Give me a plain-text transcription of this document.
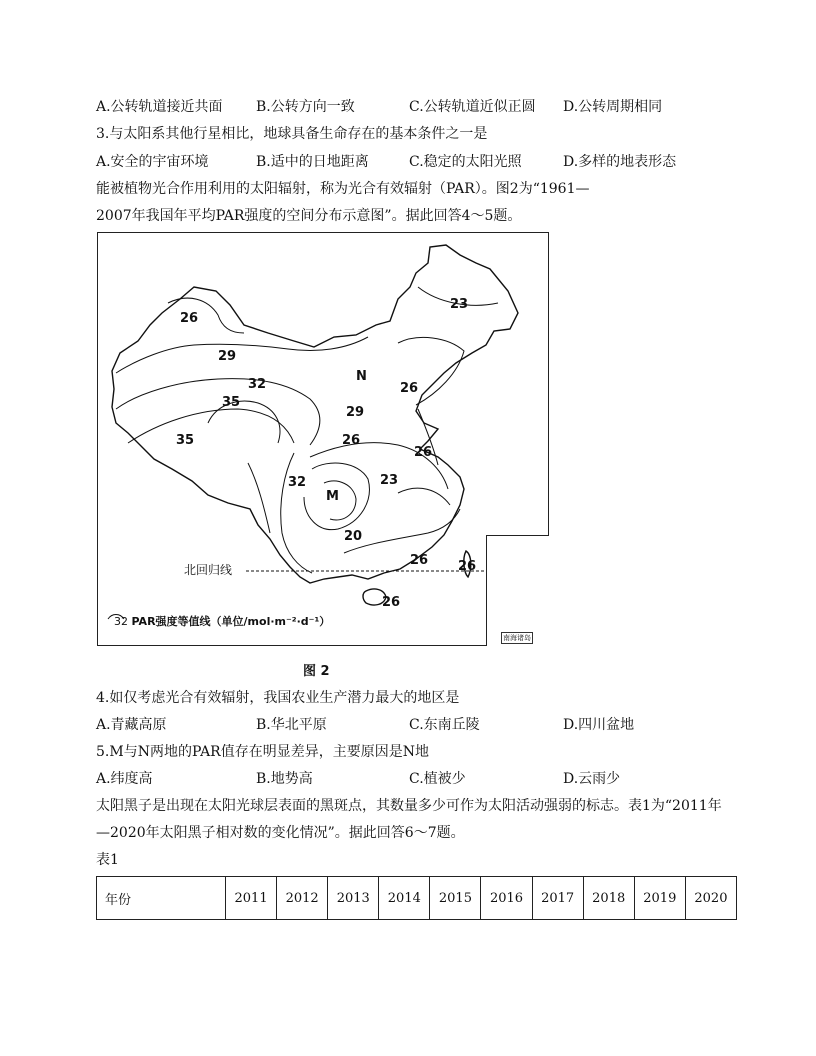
A.公转轨道接近共面 B.公转方向一致	C.公转轨道近似正圆 D.公转周期相同
3.与太阳系其他行星相比，地球具备生命存在的基本条件之一是
A.安全的宇宙环境	B.适中的日地距离	C.稳定的太阳光照	D.多样的地表形态
能被植物光合作用利用的太阳辐射，称为光合有效辐射（PAR）。图2为“1961—
2007年我国年平均PAR强度的空间分布示意图”。据此回答4～5题。
南海诸岛
26
29
32
35
35
23
26
N
29
26
26
32
M
23
20
26 26
26
北回归线
32 PAR强度等值线（单位/mol·m⁻²·d⁻¹）
图 2
4.如仅考虑光合有效辐射，我国农业生产潜力最大的地区是
A.青藏高原	B.华北平原	C.东南丘陵	D.四川盆地
5.M与N两地的PAR值存在明显差异，主要原因是N地
A.纬度高	B.地势高	C.植被少	D.云雨少
太阳黑子是出现在太阳光球层表面的黑斑点，其数量多少可作为太阳活动强弱的标志。表1为“2011年
—2020年太阳黑子相对数的变化情况”。据此回答6～7题。
表1
年份	2011	2012	2013	2014	2015	2016	2017	2018	2019	2020
